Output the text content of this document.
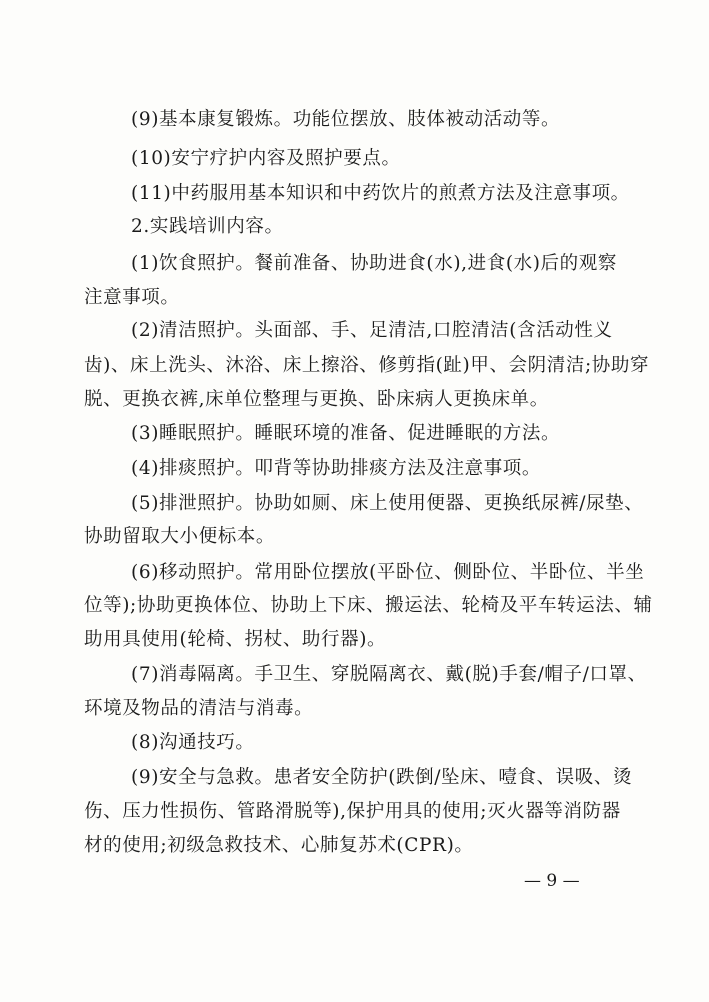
(9)基本康复锻炼。功能位摆放、肢体被动活动等。

(10)安宁疗护内容及照护要点。

(11)中药服用基本知识和中药饮片的煎煮方法及注意事项。

2.实践培训内容。

(1)饮食照护。餐前准备、协助进食(水),进食(水)后的观察

注意事项。

(2)清洁照护。头面部、手、足清洁,口腔清洁(含活动性义

齿)、床上洗头、沐浴、床上擦浴、修剪指(趾)甲、会阴清洁;协助穿

脱、更换衣裤,床单位整理与更换、卧床病人更换床单。

(3)睡眠照护。睡眠环境的准备、促进睡眠的方法。

(4)排痰照护。叩背等协助排痰方法及注意事项。

(5)排泄照护。协助如厕、床上使用便器、更换纸尿裤/尿垫、

协助留取大小便标本。

(6)移动照护。常用卧位摆放(平卧位、侧卧位、半卧位、半坐

位等);协助更换体位、协助上下床、搬运法、轮椅及平车转运法、辅

助用具使用(轮椅、拐杖、助行器)。

(7)消毒隔离。手卫生、穿脱隔离衣、戴(脱)手套/帽子/口罩、

环境及物品的清洁与消毒。

(8)沟通技巧。

(9)安全与急救。患者安全防护(跌倒/坠床、噎食、误吸、烫

伤、压力性损伤、管路滑脱等),保护用具的使用;灭火器等消防器

材的使用;初级急救技术、心肺复苏术(CPR)。

— 9 —
